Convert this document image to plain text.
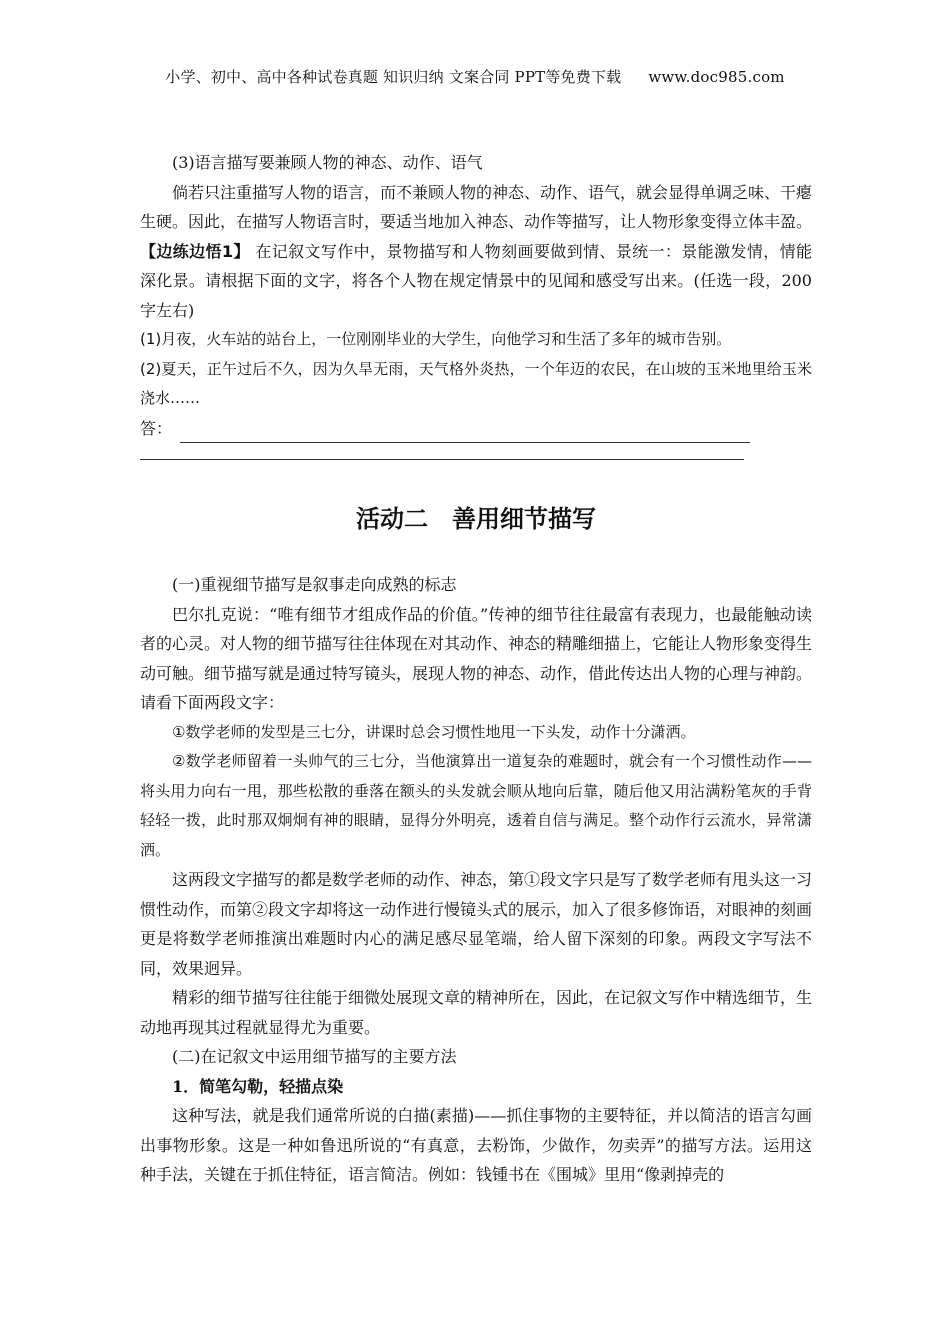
小学、初中、高中各种试卷真题 知识归纳 文案合同 PPT等免费下载 www.doc985.com

(3)语言描写要兼顾人物的神态、动作、语气

倘若只注重描写人物的语言，而不兼顾人物的神态、动作、语气，就会显得单调乏味、干瘪生硬。因此，在描写人物语言时，要适当地加入神态、动作等描写，让人物形象变得立体丰盈。

【边练边悟1】 在记叙文写作中，景物描写和人物刻画要做到情、景统一：景能激发情，情能深化景。请根据下面的文字，将各个人物在规定情景中的见闻和感受写出来。(任选一段，200字左右)

(1)月夜，火车站的站台上，一位刚刚毕业的大学生，向他学习和生活了多年的城市告别。

(2)夏天，正午过后不久，因为久旱无雨，天气格外炎热，一个年迈的农民，在山坡的玉米地里给玉米浇水……

答：

活动二　善用细节描写

(一)重视细节描写是叙事走向成熟的标志

巴尔扎克说：“唯有细节才组成作品的价值。”传神的细节往往最富有表现力，也最能触动读者的心灵。对人物的细节描写往往体现在对其动作、神态的精雕细描上，它能让人物形象变得生动可触。细节描写就是通过特写镜头，展现人物的神态、动作，借此传达出人物的心理与神韵。请看下面两段文字：

①数学老师的发型是三七分，讲课时总会习惯性地甩一下头发，动作十分潇洒。

②数学老师留着一头帅气的三七分，当他演算出一道复杂的难题时，就会有一个习惯性动作——将头用力向右一甩，那些松散的垂落在额头的头发就会顺从地向后靠，随后他又用沾满粉笔灰的手背轻轻一拨，此时那双炯炯有神的眼睛，显得分外明亮，透着自信与满足。整个动作行云流水，异常潇洒。

这两段文字描写的都是数学老师的动作、神态，第①段文字只是写了数学老师有甩头这一习惯性动作，而第②段文字却将这一动作进行慢镜头式的展示，加入了很多修饰语，对眼神的刻画更是将数学老师推演出难题时内心的满足感尽显笔端，给人留下深刻的印象。两段文字写法不同，效果迥异。

精彩的细节描写往往能于细微处展现文章的精神所在，因此，在记叙文写作中精选细节，生动地再现其过程就显得尤为重要。

(二)在记叙文中运用细节描写的主要方法

1．简笔勾勒，轻描点染

这种写法，就是我们通常所说的白描(素描)——抓住事物的主要特征，并以简洁的语言勾画出事物形象。这是一种如鲁迅所说的“有真意，去粉饰，少做作，勿卖弄”的描写方法。运用这种手法，关键在于抓住特征，语言简洁。例如：钱锺书在《围城》里用“像剥掉壳的
